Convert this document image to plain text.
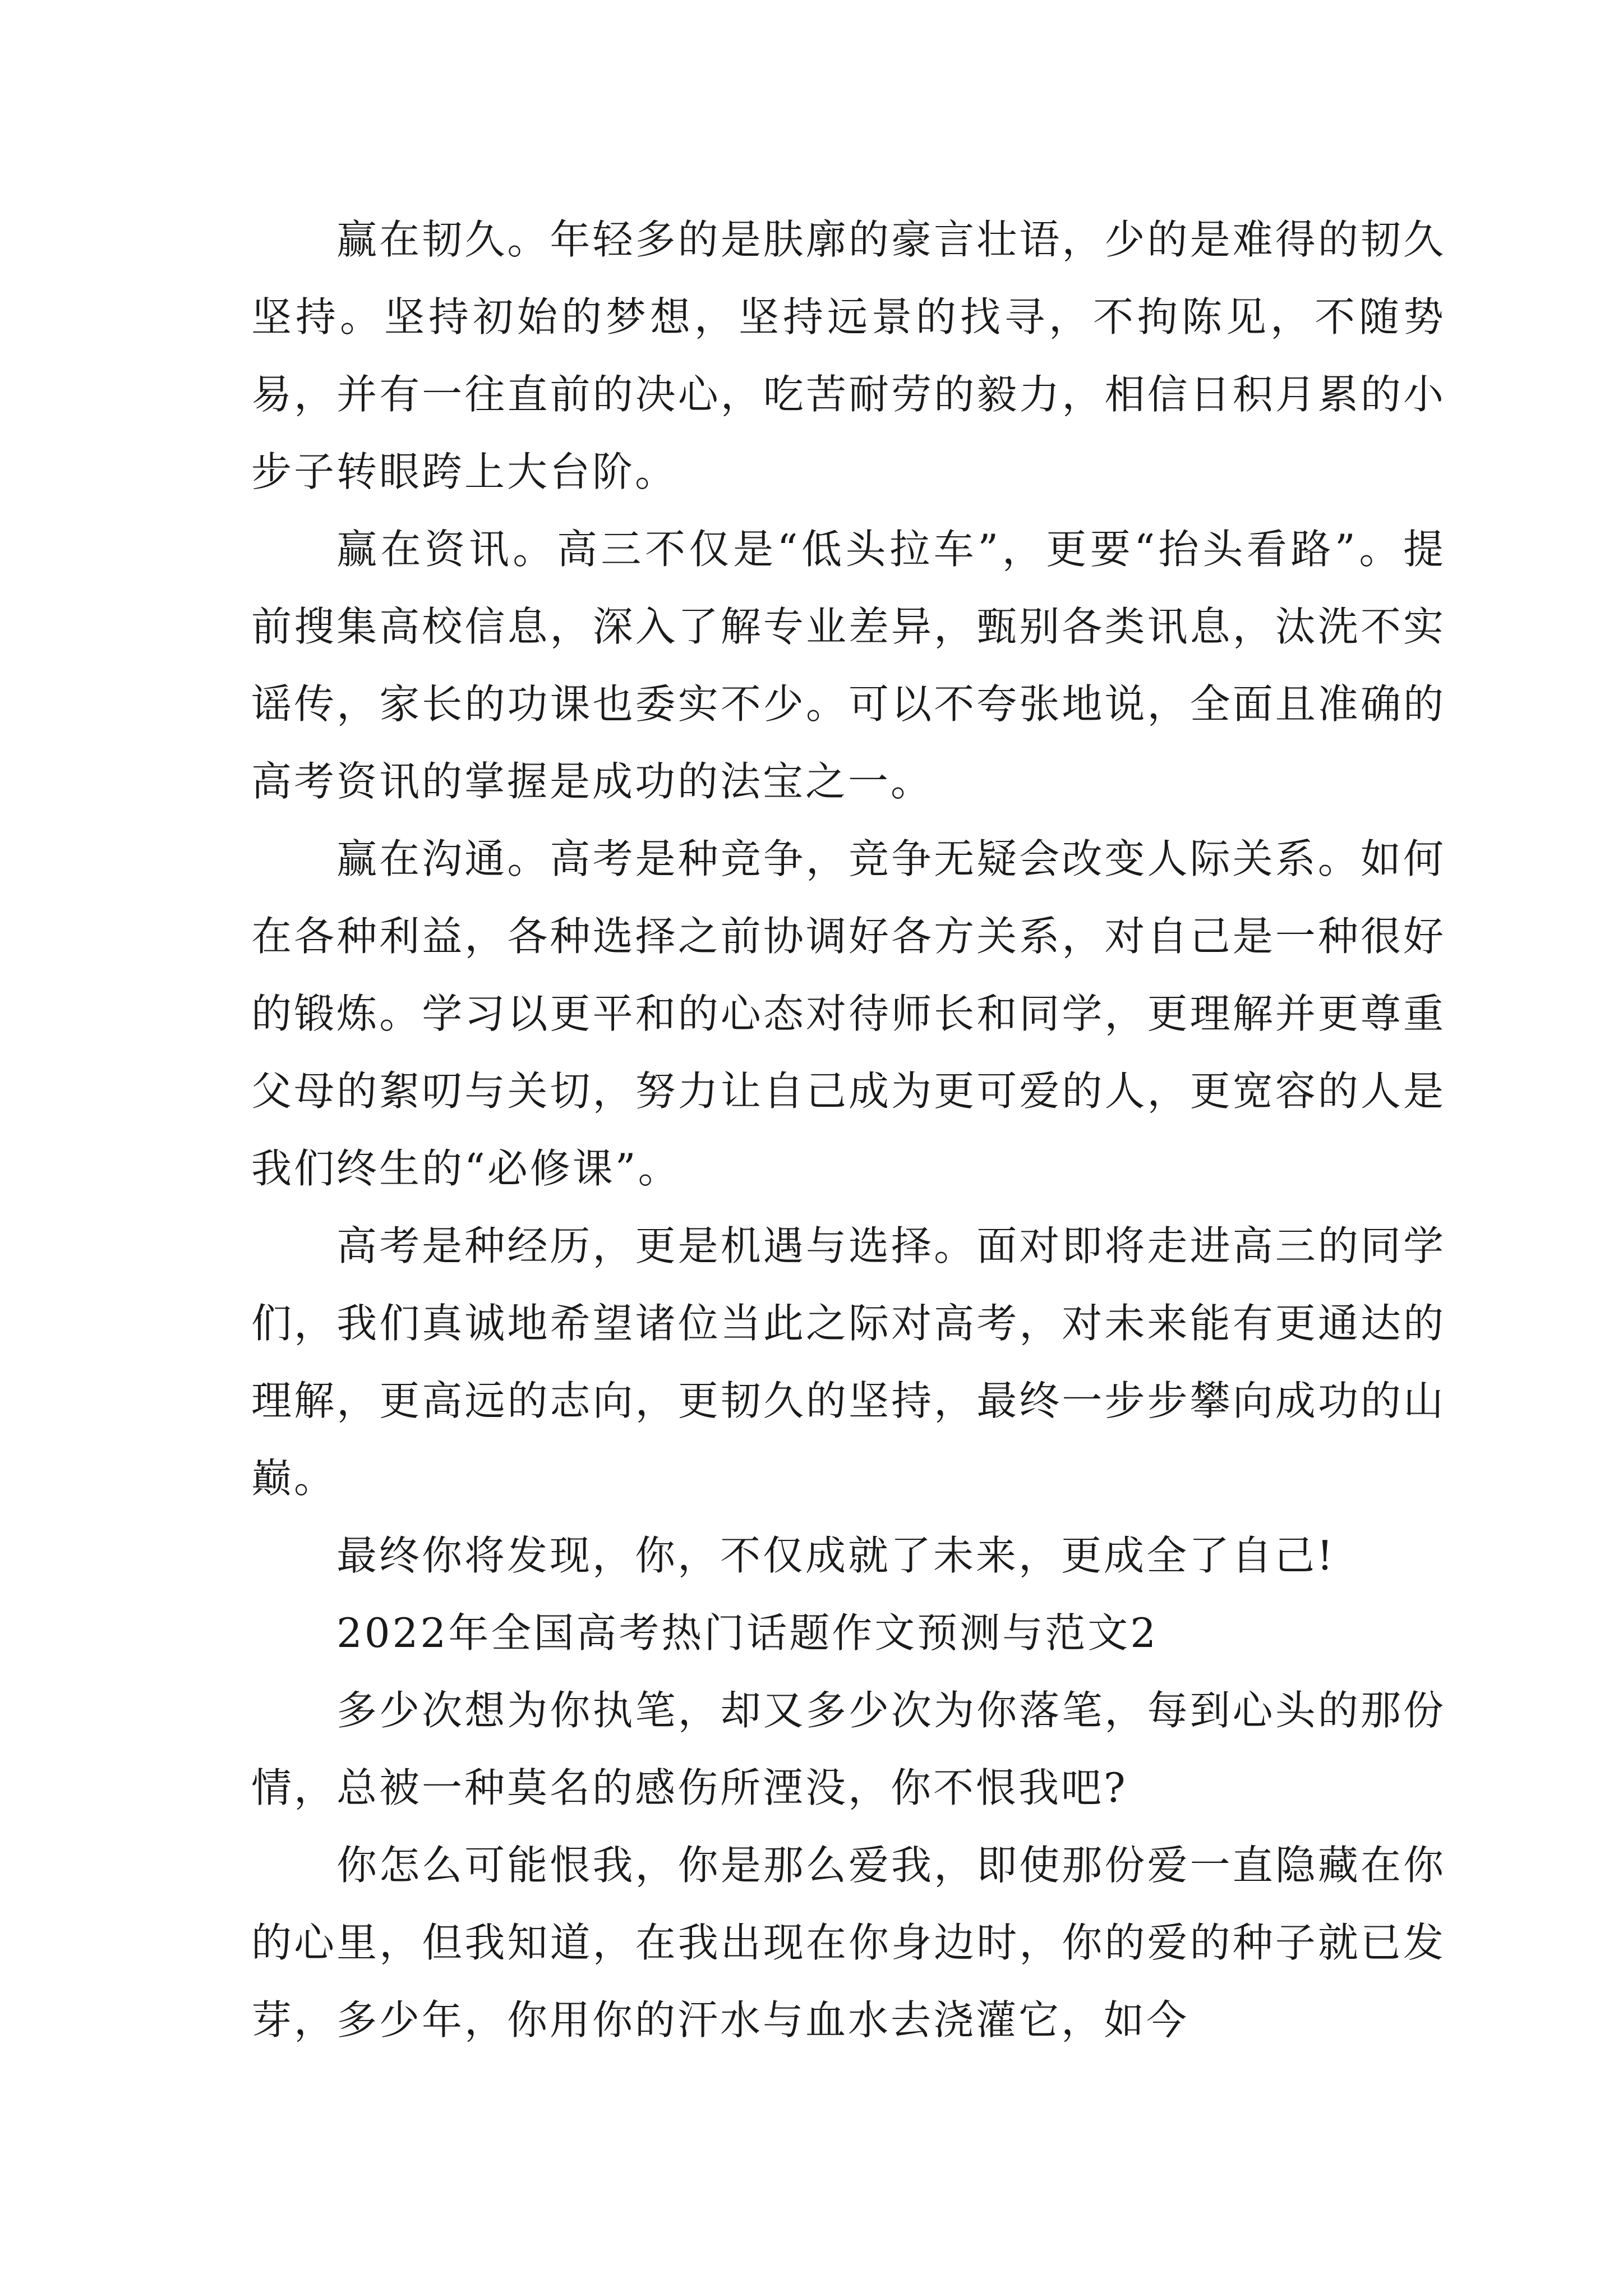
赢在韧久。年轻多的是肤廓的豪言壮语，少的是难得的韧久坚持。坚持初始的梦想，坚持远景的找寻，不拘陈见，不随势易，并有一往直前的决心，吃苦耐劳的毅力，相信日积月累的小步子转眼跨上大台阶。

赢在资讯。高三不仅是“低头拉车”，更要“抬头看路”。提前搜集高校信息，深入了解专业差异，甄别各类讯息，汰洗不实谣传，家长的功课也委实不少。可以不夸张地说，全面且准确的高考资讯的掌握是成功的法宝之一。

赢在沟通。高考是种竞争，竞争无疑会改变人际关系。如何在各种利益，各种选择之前协调好各方关系，对自己是一种很好的锻炼。学习以更平和的心态对待师长和同学，更理解并更尊重父母的絮叨与关切，努力让自己成为更可爱的人，更宽容的人是我们终生的“必修课”。

高考是种经历，更是机遇与选择。面对即将走进高三的同学们，我们真诚地希望诸位当此之际对高考，对未来能有更通达的理解，更高远的志向，更韧久的坚持，最终一步步攀向成功的山巅。

最终你将发现，你，不仅成就了未来，更成全了自己!

2022年全国高考热门话题作文预测与范文2

多少次想为你执笔，却又多少次为你落笔，每到心头的那份情，总被一种莫名的感伤所湮没，你不恨我吧?

你怎么可能恨我，你是那么爱我，即使那份爱一直隐藏在你的心里，但我知道，在我出现在你身边时，你的爱的种子就已发芽，多少年，你用你的汗水与血水去浇灌它，如今
